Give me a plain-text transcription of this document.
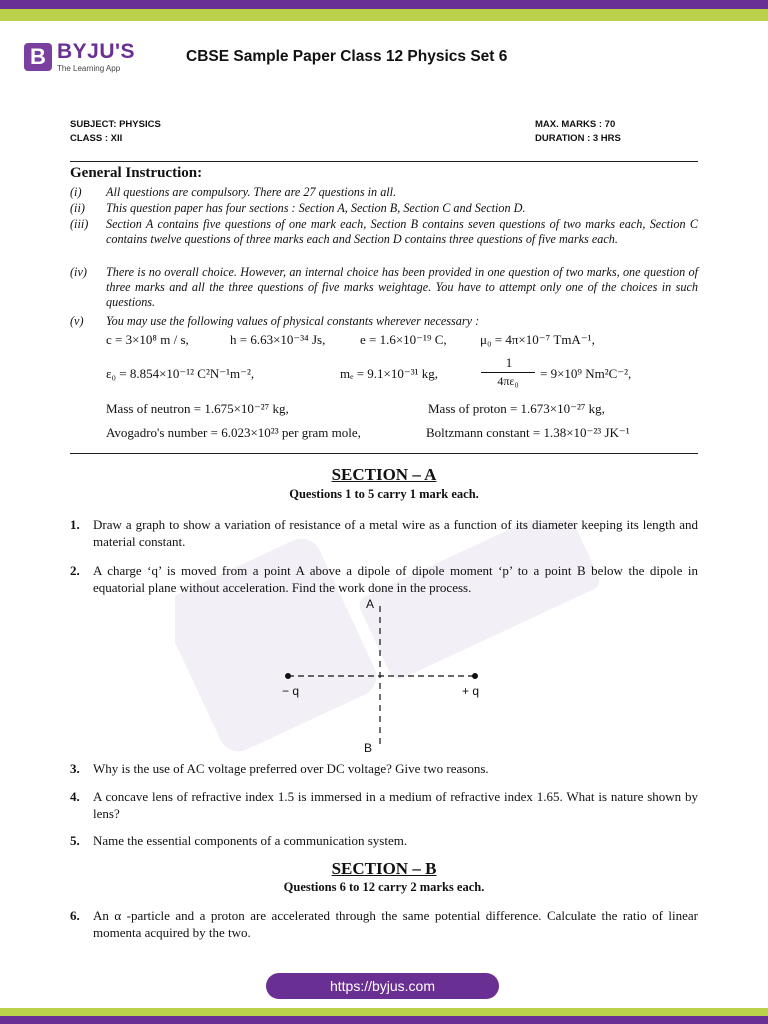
B BYJU'S
The Learning App
CBSE Sample Paper Class 12 Physics Set 6
SUBJECT: PHYSICS
CLASS : XII
MAX. MARKS : 70
DURATION : 3 HRS
General Instruction:
(i) All questions are compulsory. There are 27 questions in all.
(ii) This question paper has four sections : Section A, Section B, Section C and Section D.
(iii) Section A contains five questions of one mark each, Section B contains seven questions of two marks each, Section C contains twelve questions of three marks each and Section D contains three questions of five marks each.
(iv) There is no overall choice. However, an internal choice has been provided in one question of two marks, one question of three marks and all the three questions of five marks weightage. You have to attempt only one of the choices in such questions.
(v) You may use the following values of physical constants wherever necessary :
c = 3×10⁸ m / s,	h = 6.63×10⁻³⁴ Js,	e = 1.6×10⁻¹⁹ C,	μ₀ = 4π×10⁻⁷ TmA⁻¹,
ε₀ = 8.854×10⁻¹² C²N⁻¹m⁻²,	mₑ = 9.1×10⁻³¹ kg,
1
4πε₀	= 9×10⁹ Nm²C⁻²,
Mass of neutron = 1.675×10⁻²⁷ kg,	Mass of proton = 1.673×10⁻²⁷ kg,
Avogadro's number = 6.023×10²³ per gram mole,	Boltzmann constant = 1.38×10⁻²³ JK⁻¹
SECTION – A
Questions 1 to 5 carry 1 mark each.
1. Draw a graph to show a variation of resistance of a metal wire as a function of its diameter keeping its length and material constant.
2. A charge ‘q’ is moved from a point A above a dipole of dipole moment ‘p’ to a point B below the dipole in equatorial plane without acceleration. Find the work done in the process.
A
B
− q	+ q
3. Why is the use of AC voltage preferred over DC voltage? Give two reasons.
4. A concave lens of refractive index 1.5 is immersed in a medium of refractive index 1.65. What is nature shown by lens?
5. Name the essential components of a communication system.
SECTION – B
Questions 6 to 12 carry 2 marks each.
6. An α -particle and a proton are accelerated through the same potential difference. Calculate the ratio of linear momenta acquired by the two.
https://byjus.com
